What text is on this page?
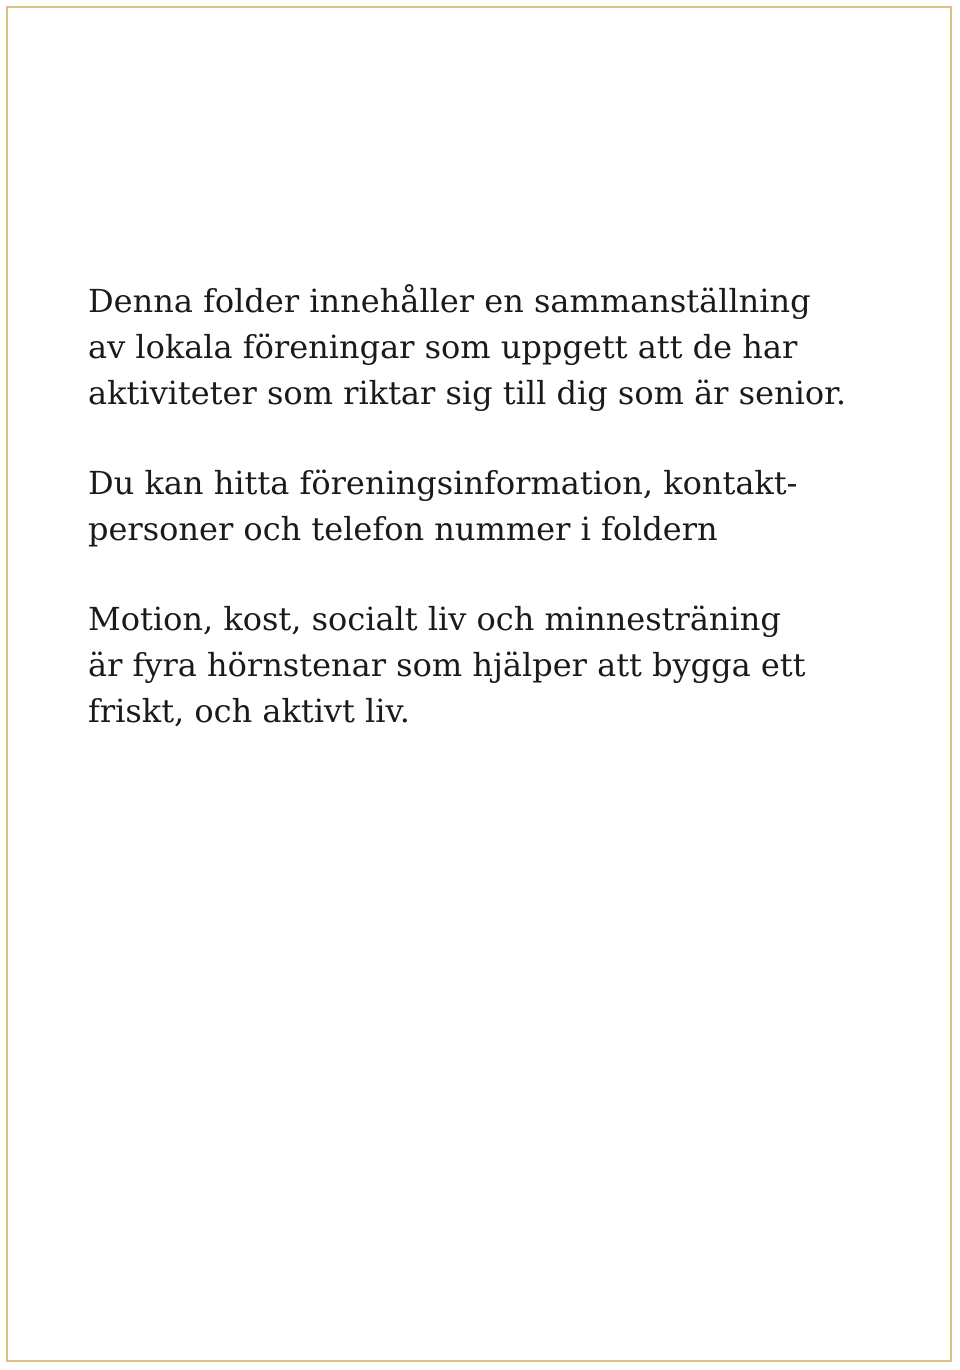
Denna folder innehåller en sammanställning
av lokala föreningar som uppgett att de har
aktiviteter som riktar sig till dig som är senior.

Du kan hitta föreningsinformation, kontakt-
personer och telefon nummer i foldern

Motion, kost, socialt liv och minnesträning
är fyra hörnstenar som hjälper att bygga ett
friskt, och aktivt liv.
